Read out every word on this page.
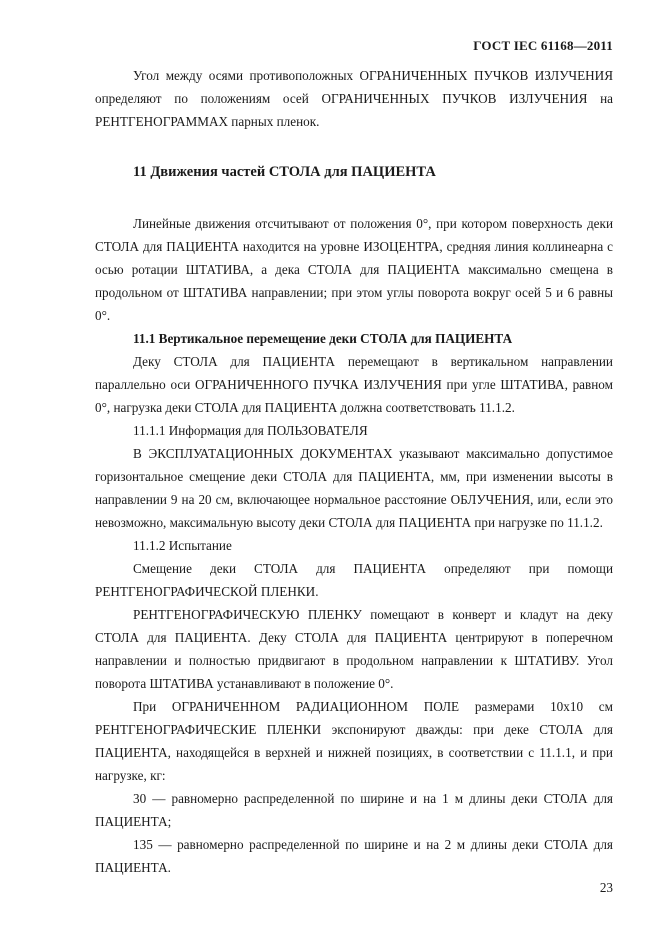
ГОСТ IEC 61168—2011

Угол между осями противоположных ОГРАНИЧЕННЫХ ПУЧКОВ ИЗЛУЧЕНИЯ определяют по положениям осей ОГРАНИЧЕННЫХ ПУЧКОВ ИЗЛУЧЕНИЯ на РЕНТГЕНОГРАММАХ парных пленок.

11 Движения частей СТОЛА для ПАЦИЕНТА

Линейные движения отсчитывают от положения 0°, при котором поверхность деки СТОЛА для ПАЦИЕНТА находится на уровне ИЗОЦЕНТРА, средняя линия коллинеарна с осью ротации ШТАТИВА, а дека СТОЛА для ПАЦИЕНТА максимально смещена в продольном от ШТАТИВА направлении; при этом углы поворота вокруг осей 5 и 6 равны 0°.

11.1 Вертикальное перемещение деки СТОЛА для ПАЦИЕНТА

Деку СТОЛА для ПАЦИЕНТА перемещают в вертикальном направлении параллельно оси ОГРАНИЧЕННОГО ПУЧКА ИЗЛУЧЕНИЯ при угле ШТАТИВА, равном 0°, нагрузка деки СТОЛА для ПАЦИЕНТА должна соответствовать 11.1.2.

11.1.1 Информация для ПОЛЬЗОВАТЕЛЯ

В ЭКСПЛУАТАЦИОННЫХ ДОКУМЕНТАХ указывают максимально допустимое горизонтальное смещение деки СТОЛА для ПАЦИЕНТА, мм, при изменении высоты в направлении 9 на 20 см, включающее нормальное расстояние ОБЛУЧЕНИЯ, или, если это невозможно, максимальную высоту деки СТОЛА для ПАЦИЕНТА при нагрузке по 11.1.2.

11.1.2 Испытание

Смещение деки СТОЛА для ПАЦИЕНТА определяют при помощи РЕНТГЕНОГРАФИЧЕСКОЙ ПЛЕНКИ.

РЕНТГЕНОГРАФИЧЕСКУЮ ПЛЕНКУ помещают в конверт и кладут на деку СТОЛА для ПАЦИЕНТА. Деку СТОЛА для ПАЦИЕНТА центрируют в поперечном направлении и полностью придвигают в продольном направлении к ШТАТИВУ. Угол поворота ШТАТИВА устанавливают в положение 0°.

При ОГРАНИЧЕННОМ РАДИАЦИОННОМ ПОЛЕ размерами 10x10 см РЕНТГЕНОГРАФИЧЕСКИЕ ПЛЕНКИ экспонируют дважды: при деке СТОЛА для ПАЦИЕНТА, находящейся в верхней и нижней позициях, в соответствии с 11.1.1, и при нагрузке, кг:

30 — равномерно распределенной по ширине и на 1 м длины деки СТОЛА для ПАЦИЕНТА;

135 — равномерно распределенной по ширине и на 2 м длины деки СТОЛА для ПАЦИЕНТА.

23
